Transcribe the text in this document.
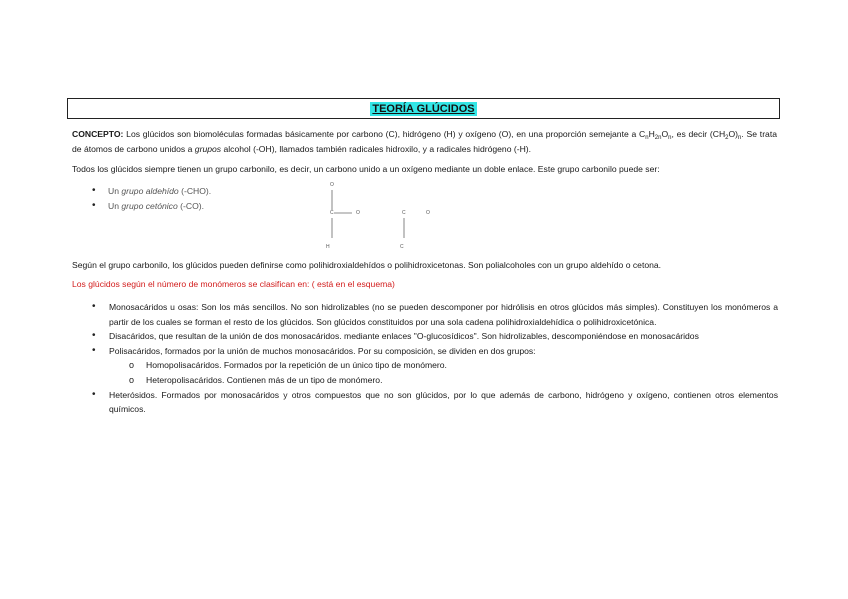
TEORÍA GLÚCIDOS

CONCEPTO: Los glúcidos son biomoléculas formadas básicamente por carbono (C), hidrógeno (H) y oxígeno (O), en una proporción semejante a $C_nH_{2n}O_n$, es decir $(CH_2O)_n$. Se trata de átomos de carbono unidos a grupos alcohol (-OH), llamados también radicales hidroxilo, y a radicales hidrógeno (-H).

Todos los glúcidos siempre tienen un grupo carbonilo, es decir, un carbono unido a un oxígeno mediante un doble enlace. Este grupo carbonilo puede ser:

• Un grupo aldehído (-CHO).
• Un grupo cetónico (-CO).
O
C	O	C	O
H	C

Según el grupo carbonilo, los glúcidos pueden definirse como polihidroxialdehídos o polihidroxicetonas. Son polialcoholes con un grupo aldehído o cetona.

Los glúcidos según el número de monómeros se clasifican en: ( está en el esquema)

• Monosacáridos u osas: Son los más sencillos. No son hidrolizables (no se pueden descomponer por hidrólisis en otros glúcidos más simples). Constituyen los monómeros a partir de los cuales se forman el resto de los glúcidos. Son glúcidos constituidos por una sola cadena polihidroxialdehídica o polihidroxicetónica.
• Disacáridos, que resultan de la unión de dos monosacáridos. mediante enlaces "O-glucosídicos". Son hidrolizables, descomponiéndose en monosacáridos
• Polisacáridos, formados por la unión de muchos monosacáridos. Por su composición, se dividen en dos grupos:
o Homopolisacáridos. Formados por la repetición de un único tipo de monómero.
o Heteropolisacáridos. Contienen más de un tipo de monómero.
• Heterósidos. Formados por monosacáridos y otros compuestos que no son glúcidos, por lo que además de carbono, hidrógeno y oxígeno, contienen otros elementos químicos.
